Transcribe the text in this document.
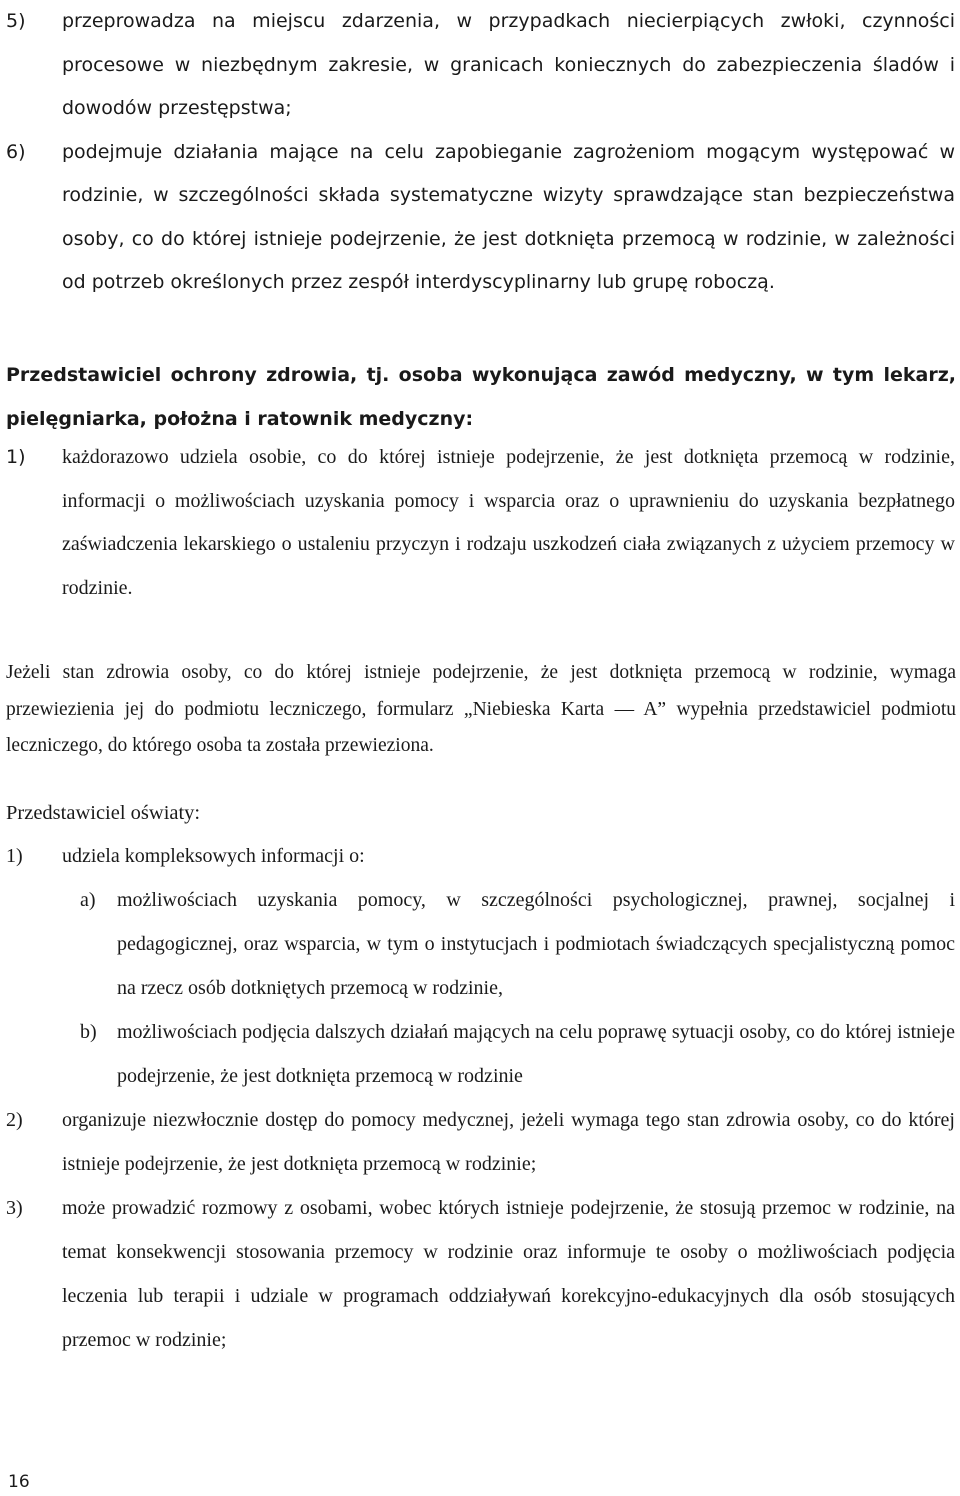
5)	przeprowadza na miejscu zdarzenia, w przypadkach niecierpiących zwłoki, czynności procesowe w niezbędnym zakresie, w granicach koniecznych do zabezpieczenia śladów i dowodów przestępstwa;
6)	podejmuje działania mające na celu zapobieganie zagrożeniom mogącym występować w rodzinie, w szczególności składa systematyczne wizyty sprawdzające stan bezpieczeństwa osoby, co do której istnieje podejrzenie, że jest dotknięta przemocą w rodzinie, w zależności od potrzeb określonych przez zespół interdyscyplinarny lub grupę roboczą.
Przedstawiciel ochrony zdrowia, tj. osoba wykonująca zawód medyczny, w tym lekarz, pielęgniarka, położna i ratownik medyczny:
1)	każdorazowo udziela osobie, co do której istnieje podejrzenie, że jest dotknięta przemocą w rodzinie, informacji o możliwościach uzyskania pomocy i wsparcia oraz o uprawnieniu do uzyskania bezpłatnego zaświadczenia lekarskiego o ustaleniu przyczyn i rodzaju uszkodzeń ciała związanych z użyciem przemocy w rodzinie.
Jeżeli stan zdrowia osoby, co do której istnieje podejrzenie, że jest dotknięta przemocą w rodzinie, wymaga przewiezienia jej do podmiotu leczniczego, formularz „Niebieska Karta — A” wypełnia przedstawiciel podmiotu leczniczego, do którego osoba ta została przewieziona.
Przedstawiciel oświaty:
1)	udziela kompleksowych informacji o:
a)	możliwościach uzyskania pomocy, w szczególności psychologicznej, prawnej, socjalnej i pedagogicznej, oraz wsparcia, w tym o instytucjach i podmiotach świadczących specjalistyczną pomoc na rzecz osób dotkniętych przemocą w rodzinie,
b)	możliwościach podjęcia dalszych działań mających na celu poprawę sytuacji osoby, co do której istnieje podejrzenie, że jest dotknięta przemocą w rodzinie
2)	organizuje niezwłocznie dostęp do pomocy medycznej, jeżeli wymaga tego stan zdrowia osoby, co do której istnieje podejrzenie, że jest dotknięta przemocą w rodzinie;
3)	może prowadzić rozmowy z osobami, wobec których istnieje podejrzenie, że stosują przemoc w rodzinie, na temat konsekwencji stosowania przemocy w rodzinie oraz informuje te osoby o możliwościach podjęcia leczenia lub terapii i udziale w programach oddziaływań korekcyjno-edukacyjnych dla osób stosujących przemoc w rodzinie;
16
